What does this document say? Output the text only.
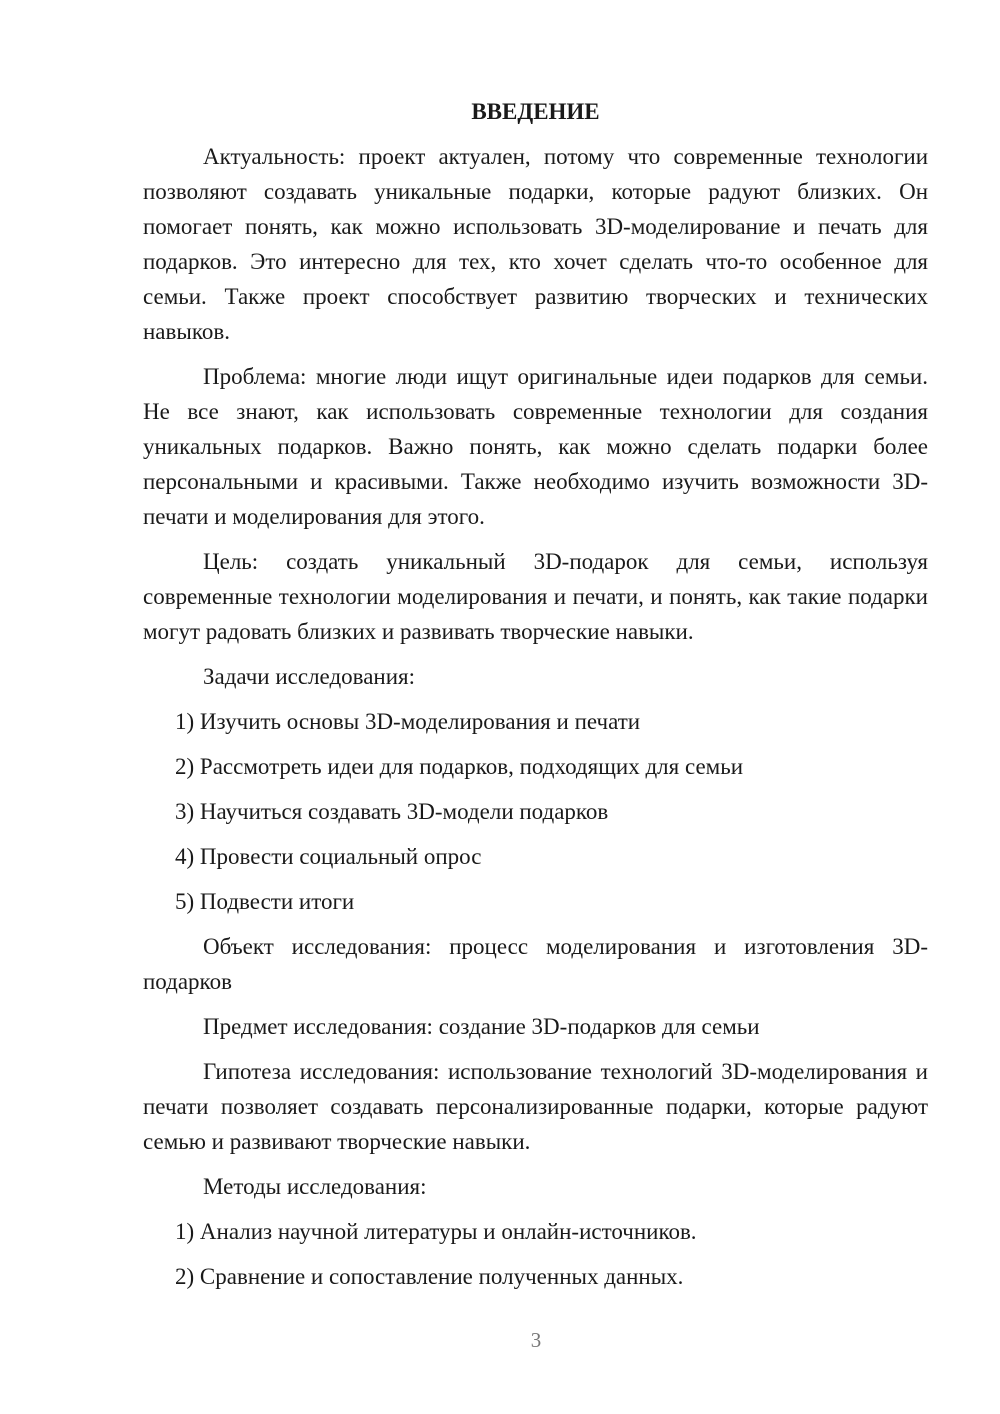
ВВЕДЕНИЕ

Актуальность: проект актуален, потому что современные технологии позволяют создавать уникальные подарки, которые радуют близких. Он помогает понять, как можно использовать 3D-моделирование и печать для подарков. Это интересно для тех, кто хочет сделать что-то особенное для семьи. Также проект способствует развитию творческих и технических навыков.

Проблема: многие люди ищут оригинальные идеи подарков для семьи. Не все знают, как использовать современные технологии для создания уникальных подарков. Важно понять, как можно сделать подарки более персональными и красивыми. Также необходимо изучить возможности 3D-печати и моделирования для этого.

Цель: создать уникальный 3D-подарок для семьи, используя современные технологии моделирования и печати, и понять, как такие подарки могут радовать близких и развивать творческие навыки.

Задачи исследования:

1) Изучить основы 3D-моделирования и печати

2) Рассмотреть идеи для подарков, подходящих для семьи

3) Научиться создавать 3D-модели подарков

4) Провести социальный опрос

5) Подвести итоги

Объект исследования: процесс моделирования и изготовления 3D-подарков

Предмет исследования: создание 3D-подарков для семьи

Гипотеза исследования: использование технологий 3D-моделирования и печати позволяет создавать персонализированные подарки, которые радуют семью и развивают творческие навыки.

Методы исследования:

1) Анализ научной литературы и онлайн-источников.

2) Сравнение и сопоставление полученных данных.

3
